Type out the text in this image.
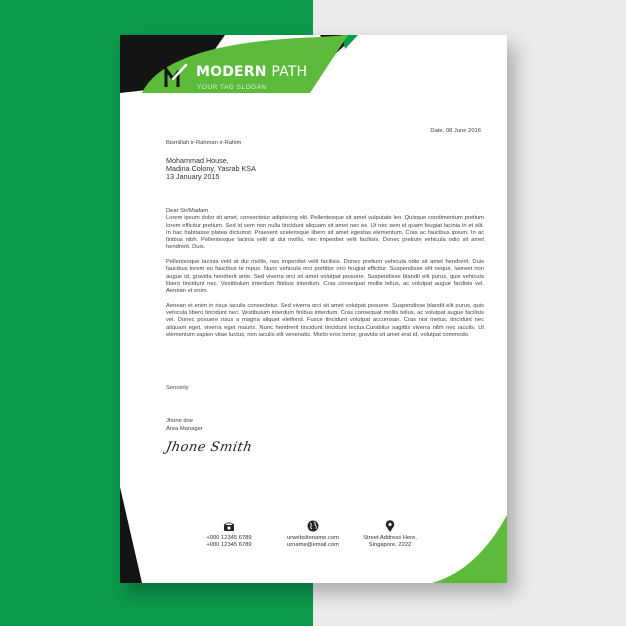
MODERN PATH
YOUR TAG SLOGAN
Date, 08 June 2016
Bismillah ir-Rahman ir-Rahim
Mohammad House,
Madina Colony, Yasrab KSA
13 January 2015
Dear Sir/Madam

Lorem ipsum dolor sit amet, consectetur adipiscing elit. Pellentesque sit amet vulputate leo. Quisque condimentum pretium lorem efficitur pretium. Sed id sem non nulla tincidunt aliquam sit amet nec ex. Ut nec sem id quam feugiat lacinia in et elit. In hac habitasse platea dictumst. Praesent scelerisque libero sit amet egestas elementum. Cras ac faucibus ipsum. In ac finibus nibh. Pellentesque lacinia velit at dui mollis, nec imperdiet velit facilisis. Donec pretium vehicula odio sit amet hendrerit. Duis.

Pellentesque lacinia velit at dui mollis, nec imperdiet velit facilisis. Donec pretium vehicula odio sit amet hendrerit. Duis faucibus lorem eu faucibus te mpus. Nunc vehicula orci porttitor orci feugiat efficitur. Suspendisse elit neque, laoreet non augue id, gravida hendrerit ante. Sed viverra orci sit amet volutpat posuere. Suspendisse blandit elit purus, quis vehicula libero tincidunt nec. Vestibulum interdum finibus interdum. Cras consequat mollis tellus, ac volutpat augue facilisis vel. Aenean et enim.

Aenean et enim in risus iaculis consectetur. Sed viverra orci sit amet volutpat posuere. Suspendisse blandit elit purus, quis vehicula libero tincidunt nec. Vestibulum interdum finibus interdum. Cras consequat mollis tellus, ac volutpat augue facilisis vel. Donec posuere risus a magna aliquet eleifend. Fusce tincidunt volutpat accumsan. Cras nisi metus, tincidunt nec aliquam eget, viverra eget mauris. Nunc hendrerit tincidunt tincidunt lectus.Curabitur sagittis viverra nibh nec iaculis. Ut elementum sapien vitae luctus, non iaculis elit venenatis. Morbi eros tortor, gravida sit amet erat id, volutpat commodo.

Sencerly
Jhone doe
Area Manager
Jhone Smith
+000 12345 6789
+000 12345 6789
urwebsitename.com
urname@email.com
Street Address Here,
Singapore, 2222
